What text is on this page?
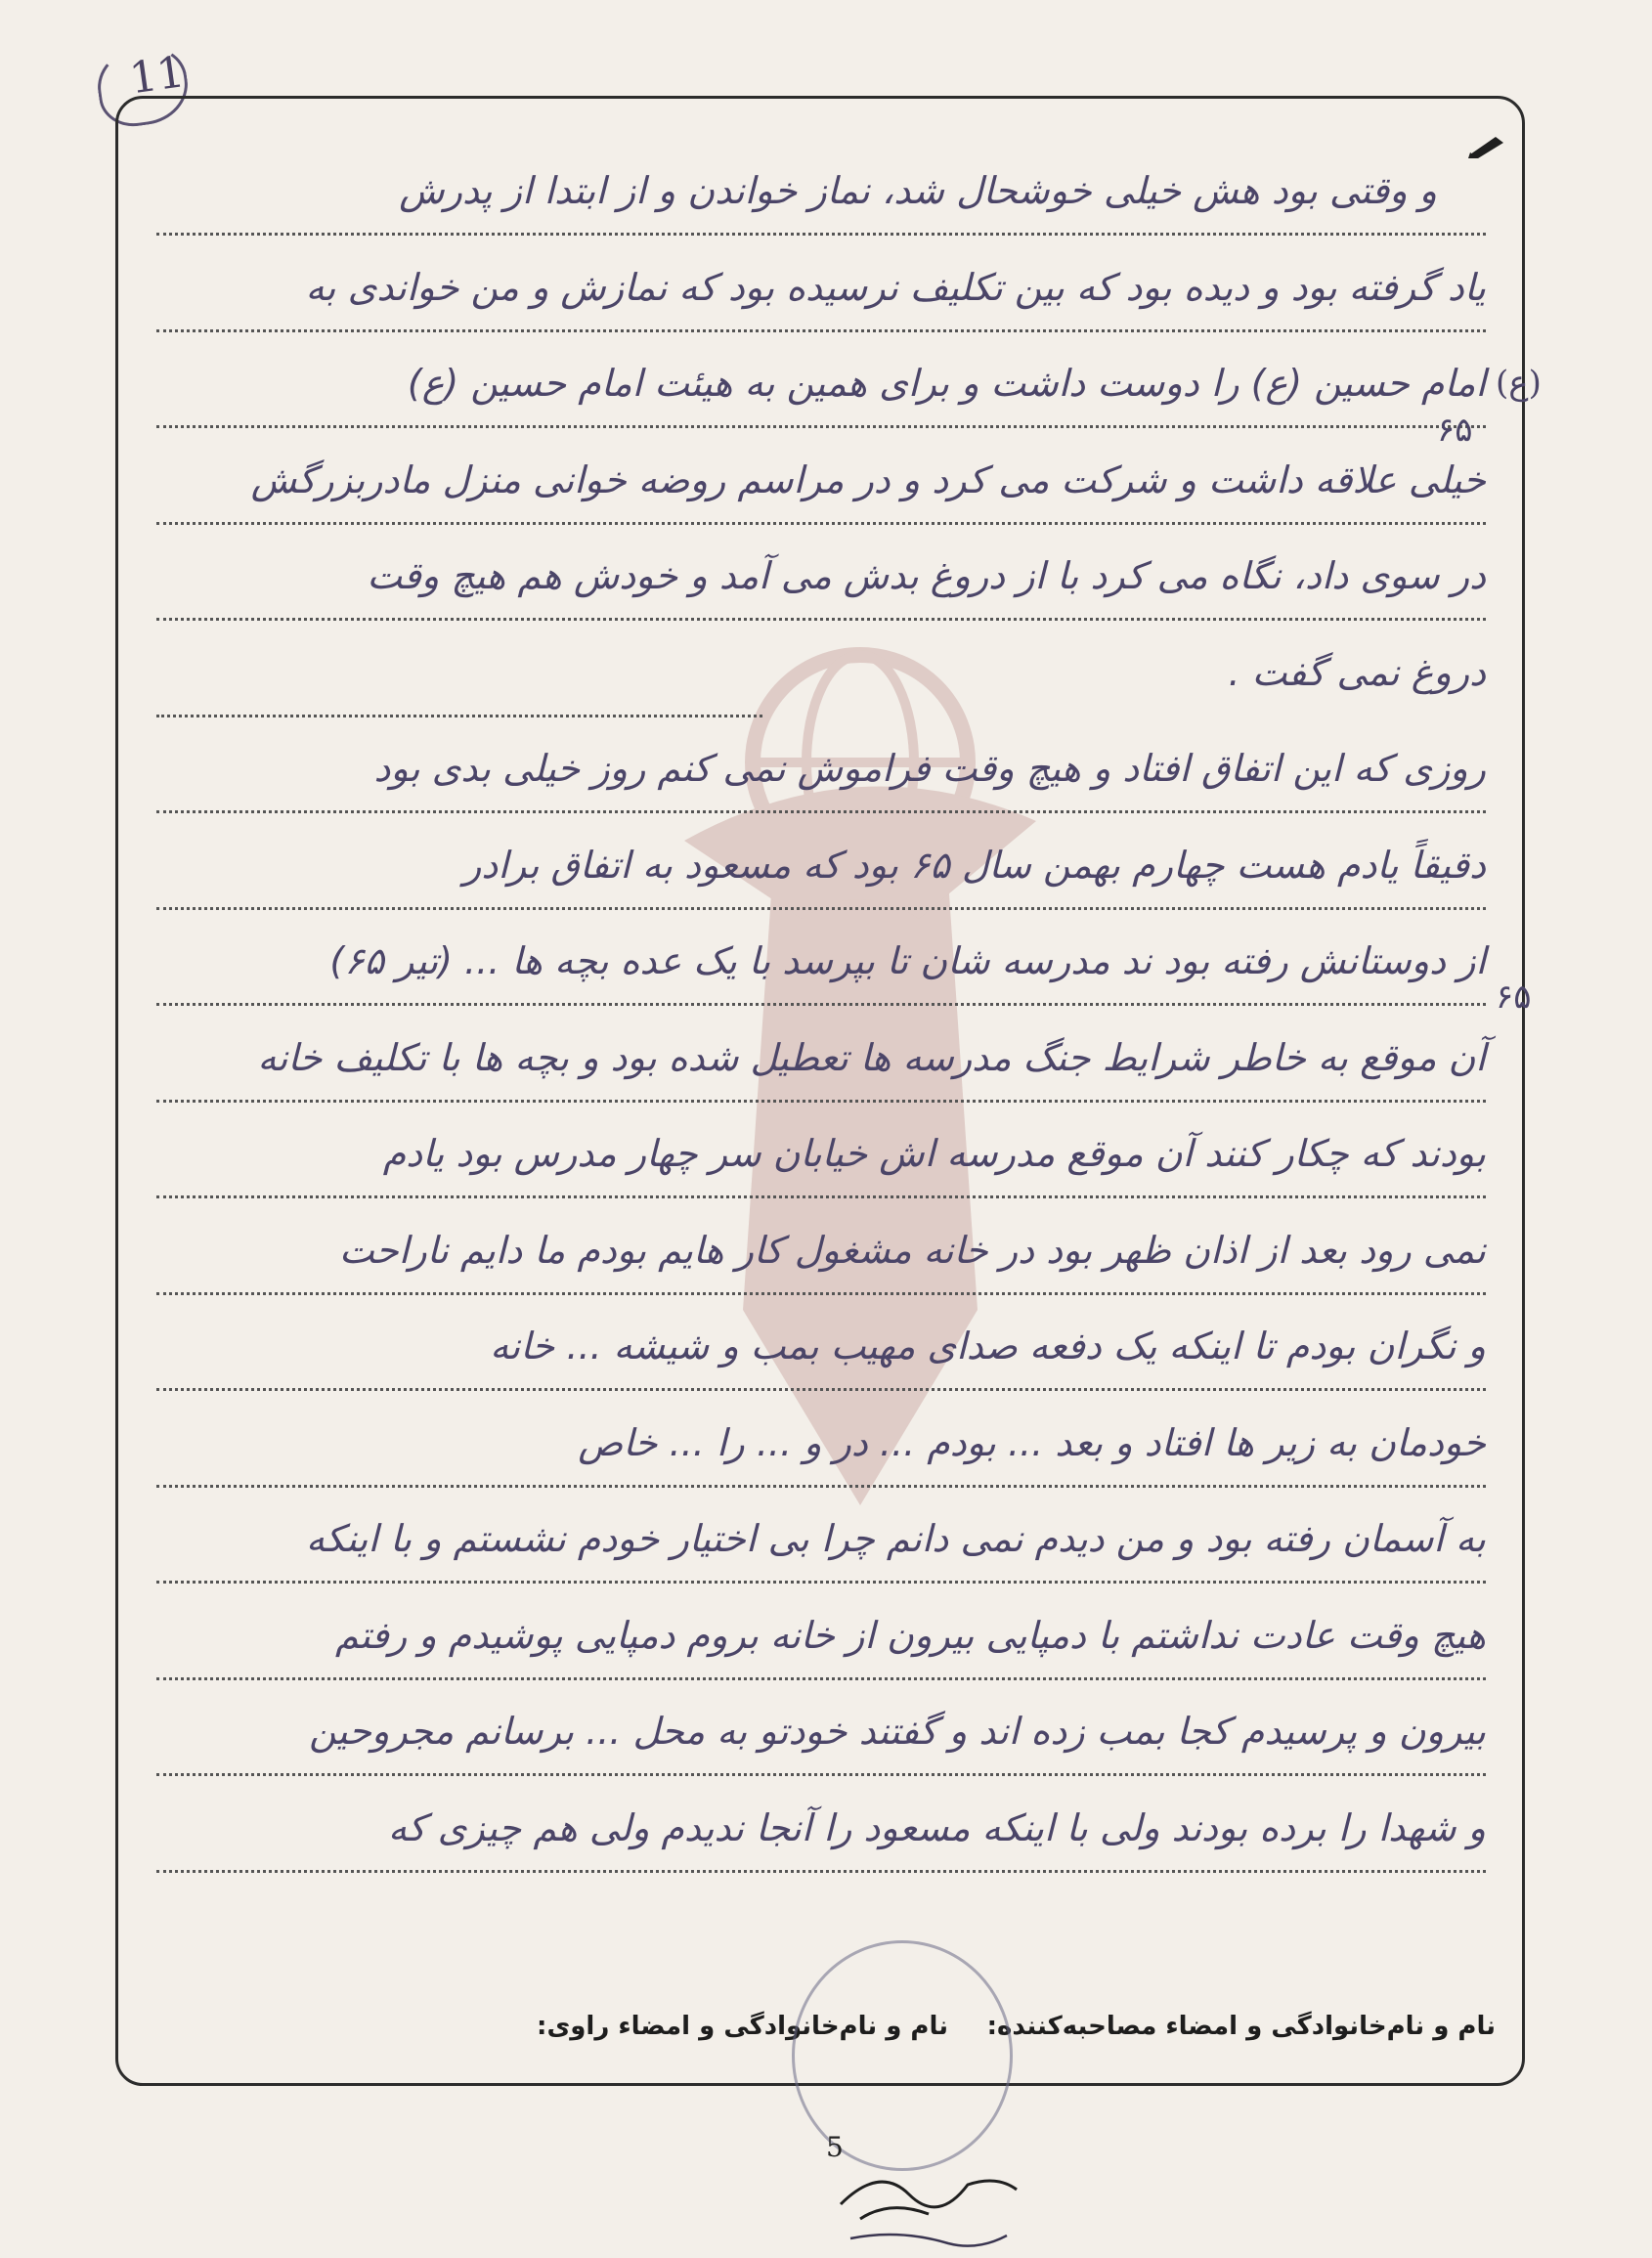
11
و وقتی بود هش خیلی خوشحال شد، نماز خواندن و از ابتدا از پدرش
یاد گرفته بود و دیده بود که بین تکلیف نرسیده بود که نمازش و من خواندی به
امام حسین (ع) را دوست داشت و برای همین به هیئت امام حسین (ع)
خیلی علاقه داشت و شرکت می کرد و در مراسم روضه خوانی منزل مادربزرگش
در سوی داد، نگاه می کرد با از دروغ بدش می آمد و خودش هم هیچ وقت
دروغ نمی گفت .
روزی که این اتفاق افتاد و هیچ وقت فراموش نمی کنم روز خیلی بدی بود
دقیقاً یادم هست چهارم بهمن سال ۶۵ بود که مسعود به اتفاق برادر
از دوستانش رفته بود ند مدرسه شان تا بپرسد با یک عده بچه ها ... (تیر ۶۵)
آن موقع به خاطر شرایط جنگ مدرسه ها تعطیل شده بود و بچه ها با تکلیف خانه
بودند که چکار کنند آن موقع مدرسه اش خیابان سر چهار مدرس بود یادم
نمی رود بعد از اذان ظهر بود در خانه مشغول کار هایم بودم ما دایم ناراحت
و نگران بودم تا اینکه یک دفعه صدای مهیب بمب و شیشه ... خانه
خودمان به زیر ها افتاد و بعد ... بودم ... در و ... را ... خاص
به آسمان رفته بود و من دیدم نمی دانم چرا بی اختیار خودم نشستم و با اینکه
هیچ وقت عادت نداشتم با دمپایی بیرون از خانه بروم دمپایی پوشیدم و رفتم
بیرون و پرسیدم کجا بمب زده اند و گفتند خودتو به محل ... برسانم مجروحین
و شهدا را برده بودند ولی با اینکه مسعود را آنجا ندیدم ولی هم چیزی که
(ع)
۶۵
۶۵
نام و نام‌خانوادگی و امضاء مصاحبه‌کننده:
نام و نام‌خانوادگی و امضاء راوی:
5
